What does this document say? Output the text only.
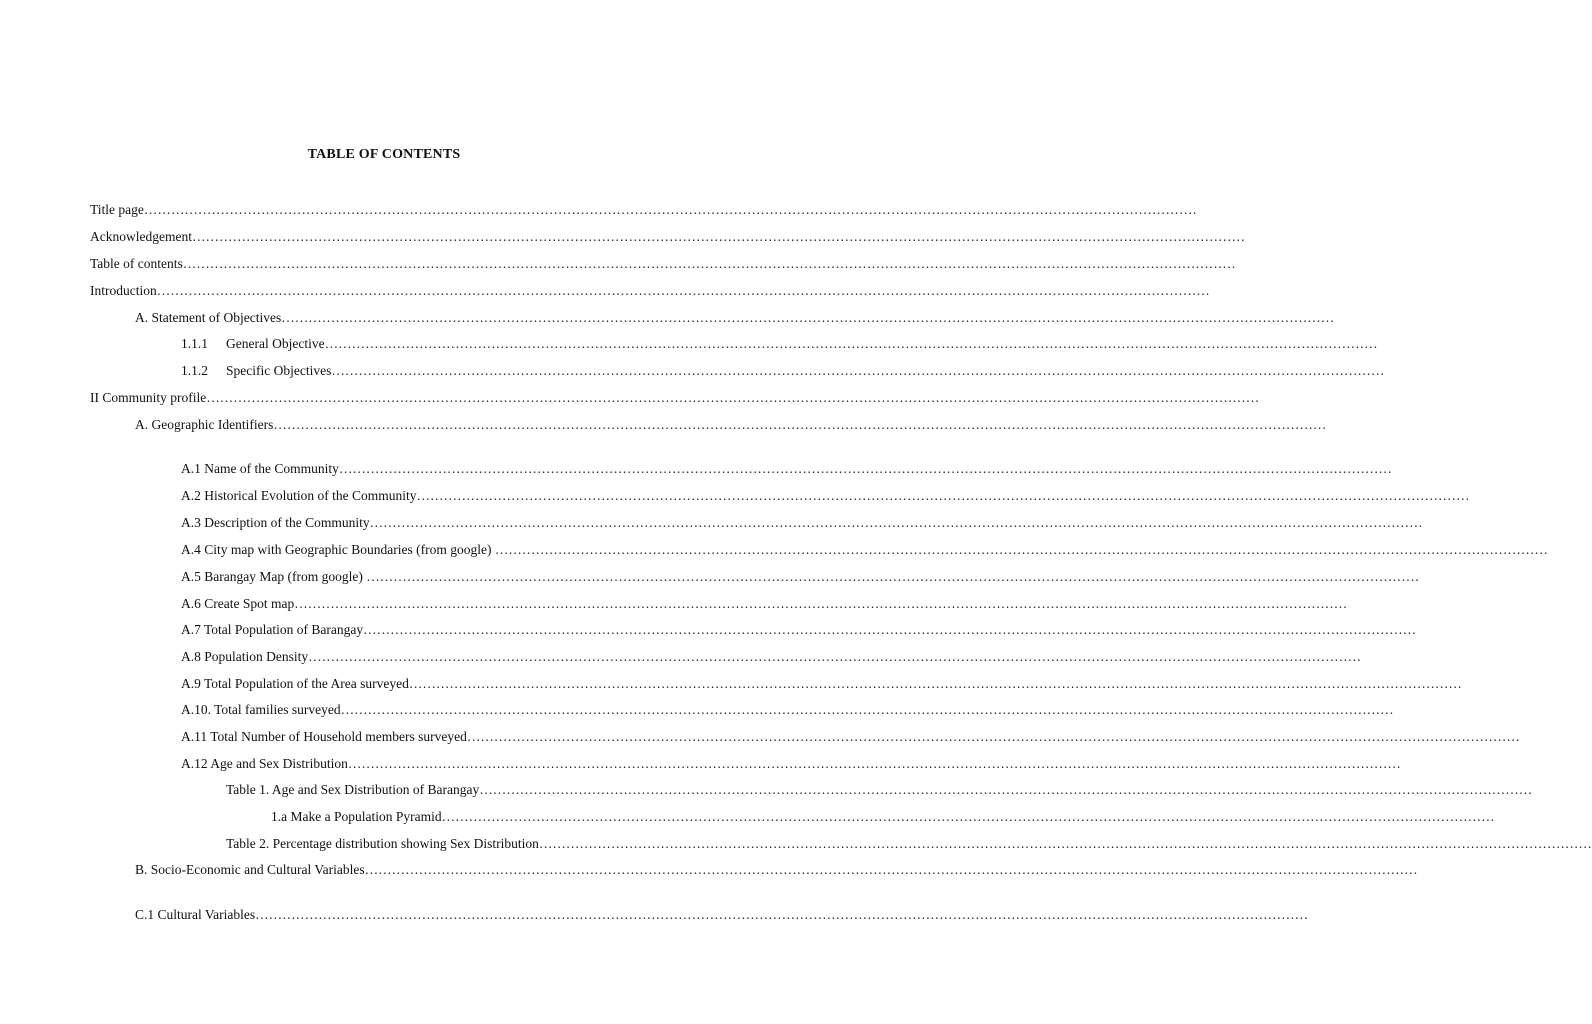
TABLE OF CONTENTS
Title page………………………………………………………………………………………………………………………………………………………………………………………………………………
Acknowledgement………………………………………………………………………………………………………………………………………………………………………………………………………………
Table of contents………………………………………………………………………………………………………………………………………………………………………………………………………………
Introduction………………………………………………………………………………………………………………………………………………………………………………………………………………
A. Statement of Objectives………………………………………………………………………………………………………………………………………………………………………………………………………………
1.1.1 General Objective………………………………………………………………………………………………………………………………………………………………………………………………………………
1.1.2 Specific Objectives………………………………………………………………………………………………………………………………………………………………………………………………………………
II Community profile………………………………………………………………………………………………………………………………………………………………………………………………………………
A. Geographic Identifiers………………………………………………………………………………………………………………………………………………………………………………………………………………
A.1 Name of the Community………………………………………………………………………………………………………………………………………………………………………………………………………………
A.2 Historical Evolution of the Community………………………………………………………………………………………………………………………………………………………………………………………………………………
A.3 Description of the Community………………………………………………………………………………………………………………………………………………………………………………………………………………
A.4 City map with Geographic Boundaries (from google) ………………………………………………………………………………………………………………………………………………………………………………………………………………
A.5 Barangay Map (from google) ………………………………………………………………………………………………………………………………………………………………………………………………………………
A.6 Create Spot map………………………………………………………………………………………………………………………………………………………………………………………………………………
A.7 Total Population of Barangay………………………………………………………………………………………………………………………………………………………………………………………………………………
A.8 Population Density………………………………………………………………………………………………………………………………………………………………………………………………………………
A.9 Total Population of the Area surveyed………………………………………………………………………………………………………………………………………………………………………………………………………………
A.10. Total families surveyed………………………………………………………………………………………………………………………………………………………………………………………………………………
A.11 Total Number of Household members surveyed………………………………………………………………………………………………………………………………………………………………………………………………………………
A.12 Age and Sex Distribution………………………………………………………………………………………………………………………………………………………………………………………………………………
Table 1. Age and Sex Distribution of Barangay………………………………………………………………………………………………………………………………………………………………………………………………………………
1.a Make a Population Pyramid………………………………………………………………………………………………………………………………………………………………………………………………………………
Table 2. Percentage distribution showing Sex Distribution………………………………………………………………………………………………………………………………………………………………………………………………………………
B. Socio-Economic and Cultural Variables………………………………………………………………………………………………………………………………………………………………………………………………………………
C.1 Cultural Variables………………………………………………………………………………………………………………………………………………………………………………………………………………
